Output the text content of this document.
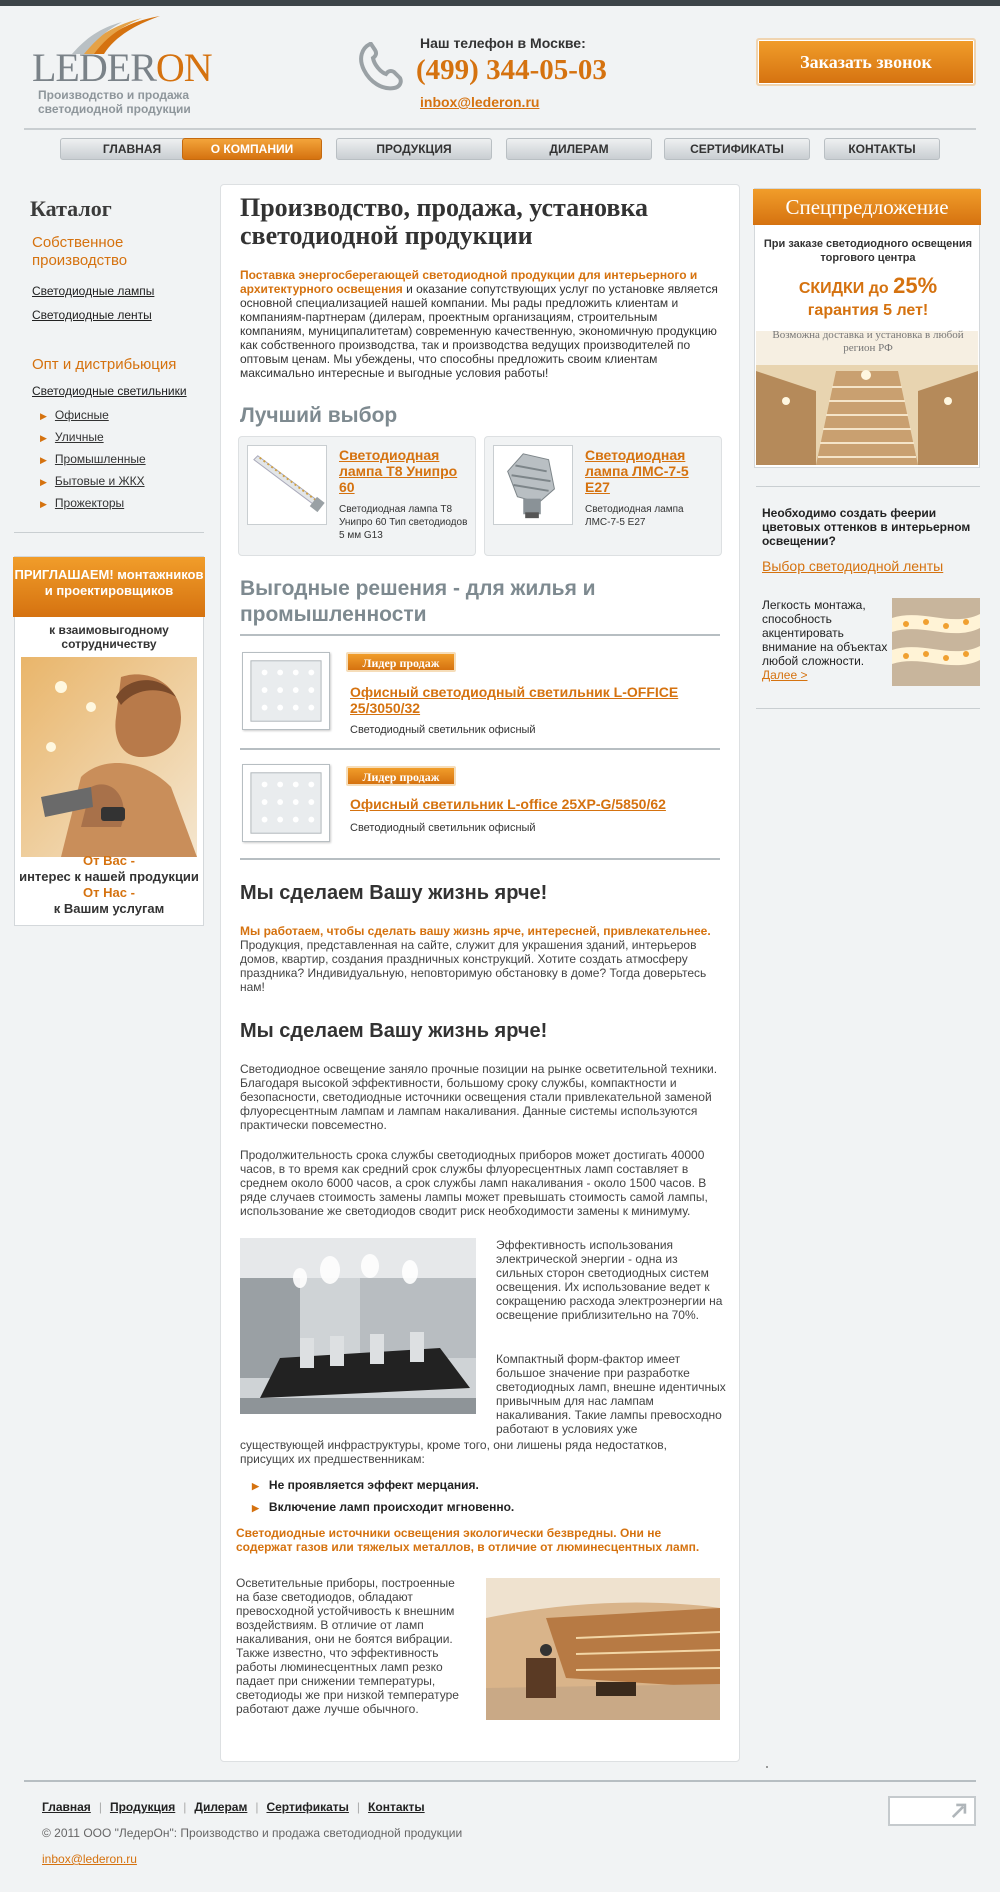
LEDERON
Производство и продажа светодиодной продукции
Наш телефон в Москве:
(499) 344-05-03
inbox@lederon.ru
Заказать звонок
ГЛАВНАЯ	О КОМПАНИИ	ПРОДУКЦИЯ	ДИЛЕРАМ	СЕРТИФИКАТЫ	КОНТАКТЫ
Каталог
Собственное производство
Светодиодные лампы
Светодиодные ленты
Опт и дистрибьюция
Светодиодные светильники
▶ Офисные
▶ Уличные
▶ Промышленные
▶ Бытовые и ЖКХ
▶ Прожекторы
ПРИГЛАШАЕМ! монтажников и проектировщиков
к взаимовыгодному сотрудничеству
От Вас -
интерес к нашей продукции
От Нас -
к Вашим услугам
Производство, продажа, установка светодиодной продукции
Поставка энергосберегающей светодиодной продукции для интерьерного и архитектурного освещения и оказание сопутствующих услуг по установке является основной специализацией нашей компании. Мы рады предложить клиентам и компаниям-партнерам (дилерам, проектным организациям, строительным компаниям, муниципалитетам) современную качественную, экономичную продукцию как собственного производства, так и производства ведущих производителей по оптовым ценам. Мы убеждены, что способны предложить своим клиентам максимально интересные и выгодные условия работы!
Лучший выбор
Светодиодная лампа T8 Унипро 60
Светодиодная лампа T8 Унипро 60 Тип светодиодов 5 мм G13
Светодиодная лампа ЛМС-7-5 Е27
Светодиодная лампа ЛМС-7-5 Е27
Выгодные решения - для жилья и промышленности
Лидер продаж
Офисный светодиодный светильник L-OFFICE 25/3050/32
Светодиодный светильник офисный
Лидер продаж
Офисный светильник L-office 25XP-G/5850/62
Светодиодный светильник офисный
Мы сделаем Вашу жизнь ярче!
Мы работаем, чтобы сделать вашу жизнь ярче, интересней, привлекательнее. Продукция, представленная на сайте, служит для украшения зданий, интерьеров домов, квартир, создания праздничных конструкций. Хотите создать атмосферу праздника? Индивидуальную, неповторимую обстановку в доме? Тогда доверьтесь нам!
Мы сделаем Вашу жизнь ярче!
Светодиодное освещение заняло прочные позиции на рынке осветительной техники. Благодаря высокой эффективности, большому сроку службы, компактности и безопасности, светодиодные источники освещения стали привлекательной заменой флуоресцентным лампам и лампам накаливания. Данные системы используются практически повсеместно.
Продолжительность срока службы светодиодных приборов может достигать 40000 часов, в то время как средний срок службы флуоресцентных ламп составляет в среднем около 6000 часов, а срок службы ламп накаливания - около 1500 часов. В ряде случаев стоимость замены лампы может превышать стоимость самой лампы, использование же светодиодов сводит риск необходимости замены к минимуму.
Эффективность использования электрической энергии - одна из сильных сторон светодиодных систем освещения. Их использование ведет к сокращению расхода электроэнергии на освещение приблизительно на 70%.
Компактный форм-фактор имеет большое значение при разработке светодиодных ламп, внешне идентичных привычным для нас лампам накаливания. Такие лампы превосходно работают в условиях уже
существующей инфраструктуры, кроме того, они лишены ряда недостатков, присущих их предшественникам:
▶ Не проявляется эффект мерцания.
▶ Включение ламп происходит мгновенно.
Светодиодные источники освещения экологически безвредны. Они не содержат газов или тяжелых металлов, в отличие от люминесцентных ламп.
Осветительные приборы, построенные на базе светодиодов, обладают превосходной устойчивость к внешним воздействиям. В отличие от ламп накаливания, они не боятся вибрации. Также известно, что эффективность работы люминесцентных ламп резко падает при снижении температуры, светодиоды же при низкой температуре работают даже лучше обычного.
Спецпредложение
При заказе светодиодного освещения торгового центра
СКИДКИ до 25%
гарантия 5 лет!
Возможна доставка и установка в любой регион РФ
Необходимо создать феерии цветовых оттенков в интерьерном освещении?
Выбор светодиодной ленты
Легкость монтажа, способность акцентировать внимание на объектах любой сложности. Далее >
Главная | Продукция | Дилерам | Сертификаты | Контакты
© 2011 ООО "ЛедерОн": Производство и продажа светодиодной продукции
inbox@lederon.ru
